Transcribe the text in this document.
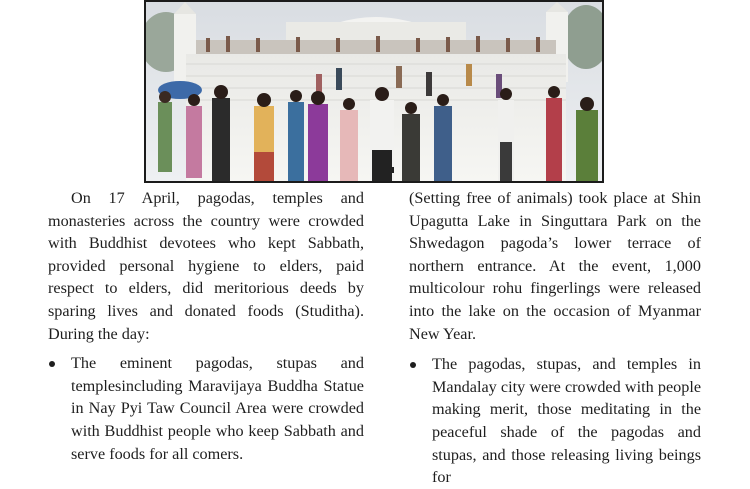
On 17 April, pagodas, temples and monasteries across the country were crowded with Buddhist devotees who kept Sabbath, provided personal hygiene to elders, paid respect to elders, did meritorious deeds by sparing lives and donated foods (Studitha). During the day:

The eminent pagodas, stupas and templesincluding Maravijaya Buddha Statue in Nay Pyi Taw Council Area were crowded with Buddhist people who keep Sabbath and serve foods for all comers.

(Setting free of animals) took place at Shin Upagutta Lake in Singuttara Park on the Shwedagon pagoda’s lower terrace of northern entrance. At the event, 1,000 multicolour rohu fingerlings were released into the lake on the occasion of Myanmar New Year.

The pagodas, stupas, and temples in Mandalay city were crowded with people making merit, those meditating in the peaceful shade of the pagodas and stupas, and those releasing living beings for
